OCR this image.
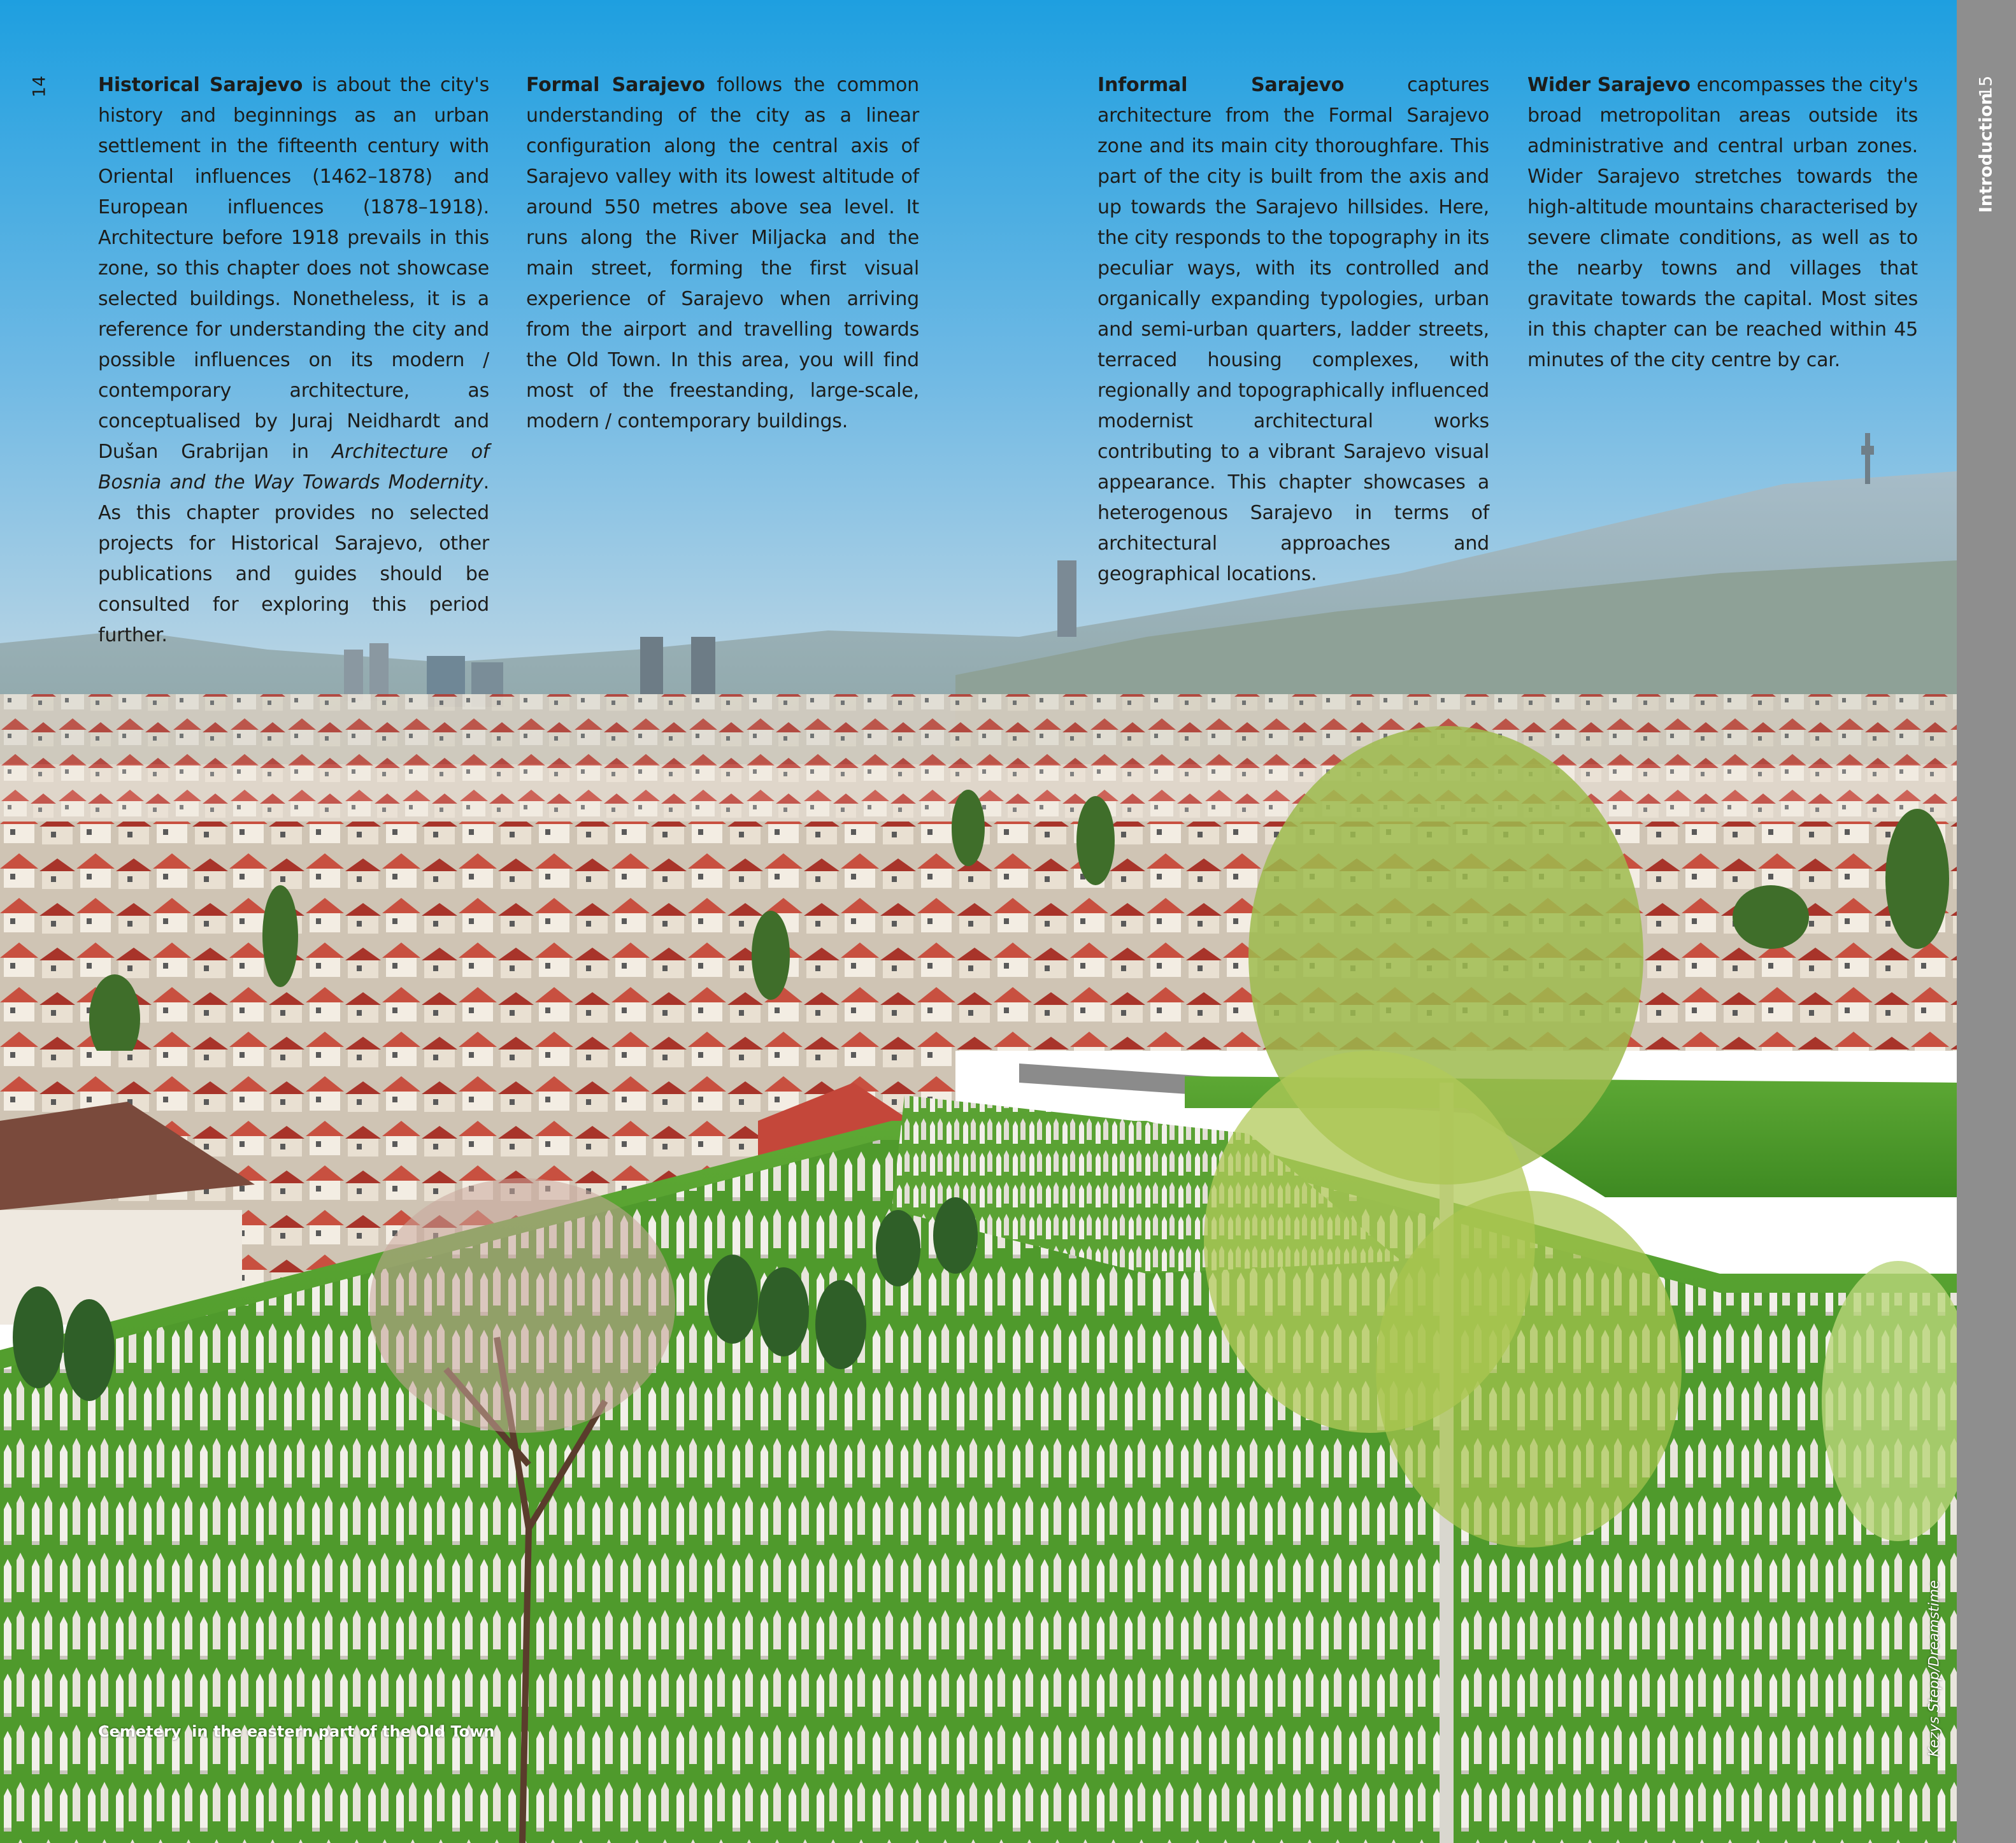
14	15
Introduction
Historical Sarajevo is about the city's history and beginnings as an urban settlement in the fifteenth century with Oriental influences (1462–1878) and European influences (1878–1918). Architecture before 1918 prevails in this zone, so this chapter does not showcase selected buildings. Nonetheless, it is a reference for understanding the city and possible influences on its modern / contemporary architecture, as conceptualised by Juraj Neidhardt and Dušan Grabrijan in Architecture of Bosnia and the Way Towards Modernity. As this chapter provides no selected projects for Historical Sarajevo, other publications and guides should be consulted for exploring this period further.
Formal Sarajevo follows the common understanding of the city as a linear configuration along the central axis of Sarajevo valley with its lowest altitude of around 550 metres above sea level. It runs along the River Miljacka and the main street, forming the first visual experience of Sarajevo when arriving from the airport and travelling towards the Old Town. In this area, you will find most of the freestanding, large-scale, modern / contemporary buildings.
Informal Sarajevo captures architecture from the Formal Sarajevo zone and its main city thoroughfare. This part of the city is built from the axis and up towards the Sarajevo hillsides. Here, the city responds to the topography in its peculiar ways, with its controlled and organically expanding typologies, urban and semi-urban quarters, ladder streets, terraced housing complexes, with regionally and topographically influenced modernist architectural works contributing to a vibrant Sarajevo visual appearance. This chapter showcases a heterogenous Sarajevo in terms of architectural approaches and geographical locations.
Wider Sarajevo encompasses the city's broad metropolitan areas outside its administrative and central urban zones. Wider Sarajevo stretches towards the high-altitude mountains characterised by severe climate conditions, as well as to the nearby towns and villages that gravitate towards the capital. Most sites in this chapter can be reached within 45 minutes of the city centre by car.
Cemetery  in the eastern part of the Old Town	Kezys Stepp/Dreamstime
